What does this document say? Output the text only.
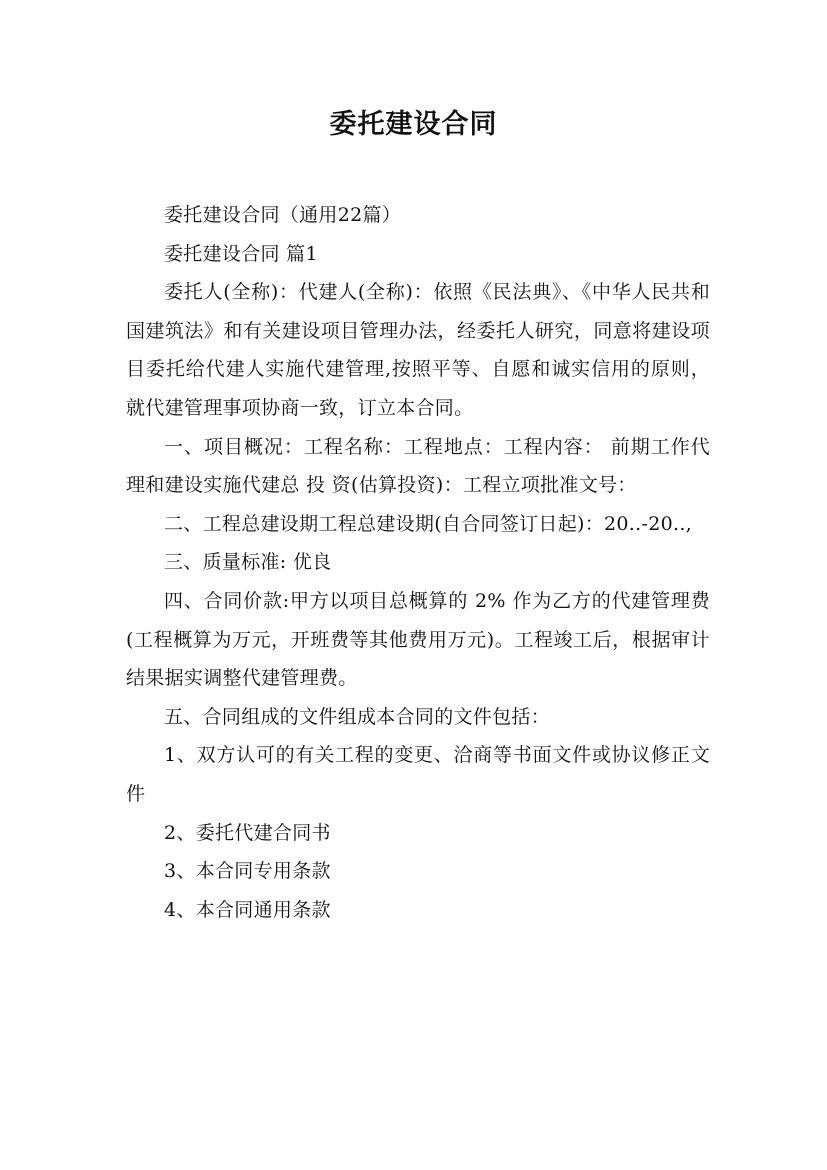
委托建设合同

委托建设合同（通用22篇）

委托建设合同 篇1

委托人(全称)：代建人(全称)：依照《民法典》、《中华人民共和国建筑法》和有关建设项目管理办法，经委托人研究，同意将建设项目委托给代建人实施代建管理,按照平等、自愿和诚实信用的原则，就代建管理事项协商一致，订立本合同。

一、项目概况：工程名称：工程地点：工程内容： 前期工作代理和建设实施代建总 投 资(估算投资)：工程立项批准文号：

二、工程总建设期工程总建设期(自合同签订日起)：20..-20..,

三、质量标准: 优良

四、合同价款:甲方以项目总概算的 2% 作为乙方的代建管理费(工程概算为万元，开班费等其他费用万元)。工程竣工后，根据审计结果据实调整代建管理费。

五、合同组成的文件组成本合同的文件包括：

1、双方认可的有关工程的变更、洽商等书面文件或协议修正文件

2、委托代建合同书

3、本合同专用条款

4、本合同通用条款
